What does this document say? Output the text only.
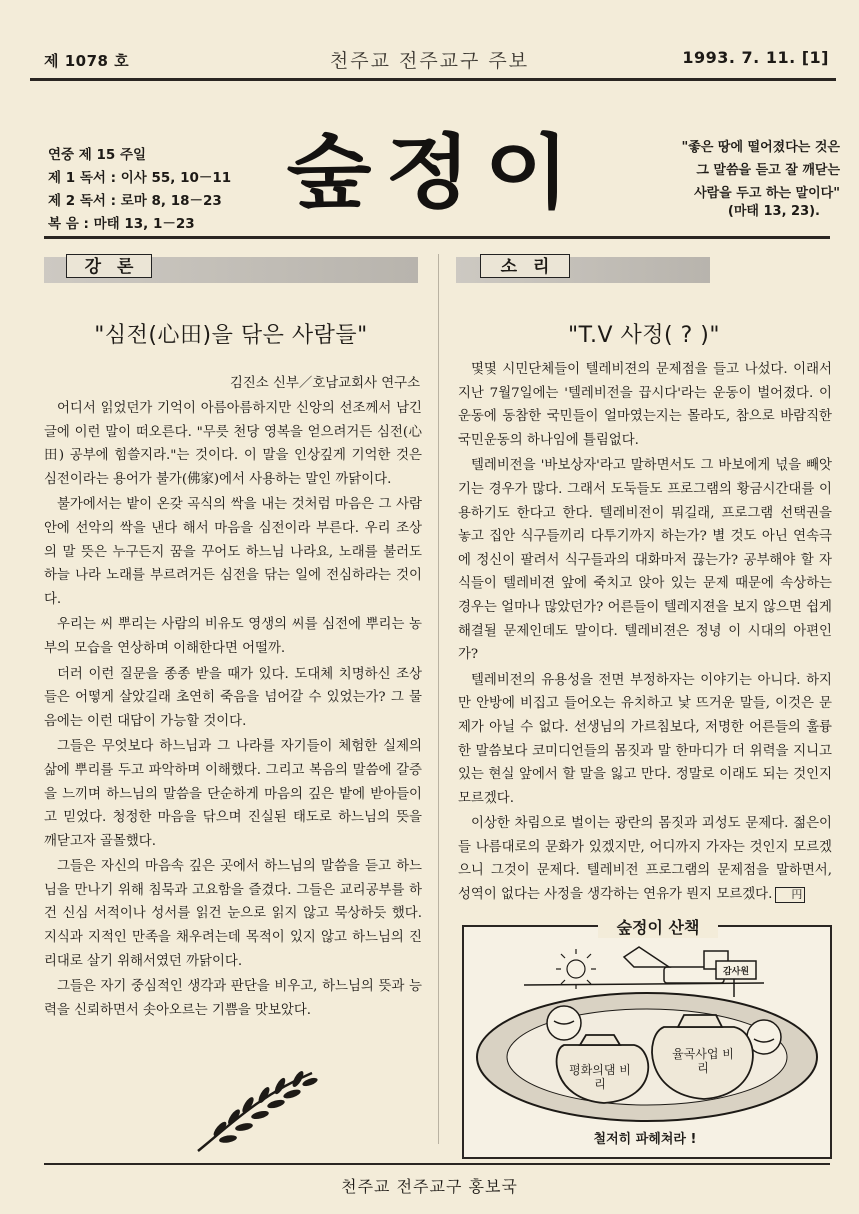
제 1078 호	천주교 전주교구 주보	1993. 7. 11. [1]
연중 제 15 주일
제 1 독서 : 이사 55, 10－11
제 2 독서 : 로마 8, 18－23
복 음 : 마태 13, 1－23
숲정이	"좋은 땅에 떨어졌다는 것은
그 말씀을 듣고 잘 깨닫는
사람을 두고 하는 말이다"
(마태 13, 23).
강론	소리
"심전(心田)을 닦은 사람들"
김진소 신부／호남교회사 연구소

어디서 읽었던가 기억이 아름아름하지만 신앙의 선조께서 남긴 글에 이런 말이 떠오른다. "무릇 천당 영복을 얻으려거든 심전(心田) 공부에 힘쓸지라."는 것이다. 이 말을 인상깊게 기억한 것은 심전이라는 용어가 불가(佛家)에서 사용하는 말인 까닭이다.

불가에서는 밭이 온갖 곡식의 싹을 내는 것처럼 마음은 그 사람 안에 선악의 싹을 낸다 해서 마음을 심전이라 부른다. 우리 조상의 말 뜻은 누구든지 꿈을 꾸어도 하느님 나라요, 노래를 불러도 하늘 나라 노래를 부르려거든 심전을 닦는 일에 전심하라는 것이다.

우리는 씨 뿌리는 사람의 비유도 영생의 씨를 심전에 뿌리는 농부의 모습을 연상하며 이해한다면 어떨까.

더러 이런 질문을 종종 받을 때가 있다. 도대체 치명하신 조상들은 어떻게 살았길래 초연히 죽음을 넘어갈 수 있었는가? 그 물음에는 이런 대답이 가능할 것이다.

그들은 무엇보다 하느님과 그 나라를 자기들이 체험한 실제의 삶에 뿌리를 두고 파악하며 이해했다. 그리고 복음의 말씀에 갈증을 느끼며 하느님의 말씀을 단순하게 마음의 깊은 밭에 받아들이고 믿었다. 청정한 마음을 닦으며 진실된 태도로 하느님의 뜻을 깨닫고자 골몰했다.

그들은 자신의 마음속 깊은 곳에서 하느님의 말씀을 듣고 하느님을 만나기 위해 침묵과 고요함을 즐겼다. 그들은 교리공부를 하건 신심 서적이나 성서를 읽건 눈으로 읽지 않고 묵상하듯 했다. 지식과 지적인 만족을 채우려는데 목적이 있지 않고 하느님의 진리대로 살기 위해서였던 까닭이다.

그들은 자기 중심적인 생각과 판단을 비우고, 하느님의 뜻과 능력을 신뢰하면서 솟아오르는 기쁨을 맛보았다.

"T.V 사정( ? )"

몇몇 시민단체들이 텔레비젼의 문제점을 들고 나섰다. 이래서 지난 7월7일에는 '텔레비전을 끕시다'라는 운동이 벌어졌다. 이 운동에 동참한 국민들이 얼마였는지는 몰라도, 참으로 바람직한 국민운동의 하나임에 틀림없다.

텔레비전을 '바보상자'라고 말하면서도 그 바보에게 넋을 빼앗기는 경우가 많다. 그래서 도둑들도 프로그램의 황금시간대를 이용하기도 한다고 한다. 텔레비전이 뭐길래, 프로그램 선택권을 놓고 집안 식구들끼리 다투기까지 하는가? 별 것도 아닌 연속극에 정신이 팔려서 식구들과의 대화마저 끊는가? 공부해야 할 자식들이 텔레비젼 앞에 죽치고 앉아 있는 문제 때문에 속상하는 경우는 얼마나 많았던가? 어른들이 텔레지젼을 보지 않으면 쉽게 해결될 문제인데도 말이다. 텔레비젼은 정녕 이 시대의 아편인가?

텔레비전의 유용성을 전면 부정하자는 이야기는 아니다. 하지만 안방에 비집고 들어오는 유치하고 낯 뜨거운 말들, 이것은 문제가 아닐 수 없다. 선생님의 가르침보다, 저명한 어른들의 훌륭한 말씀보다 코미디언들의 몸짓과 말 한마디가 더 위력을 지니고 있는 현실 앞에서 할 말을 잃고 만다. 정말로 이래도 되는 것인지 모르겠다.

이상한 차림으로 벌이는 광란의 몸짓과 괴성도 문제다. 젊은이들 나름대로의 문화가 있겠지만, 어디까지 가자는 것인지 모르겠으니 그것이 문제다. 텔레비전 프로그램의 문제점을 말하면서, 성역이 없다는 사정을 생각하는 연유가 뭔지 모르겠다. 円

감사원
평화의댐 비리
율곡사업 비리
숲정이 산책
철저히 파헤쳐라 !
천주교 전주교구 홍보국
